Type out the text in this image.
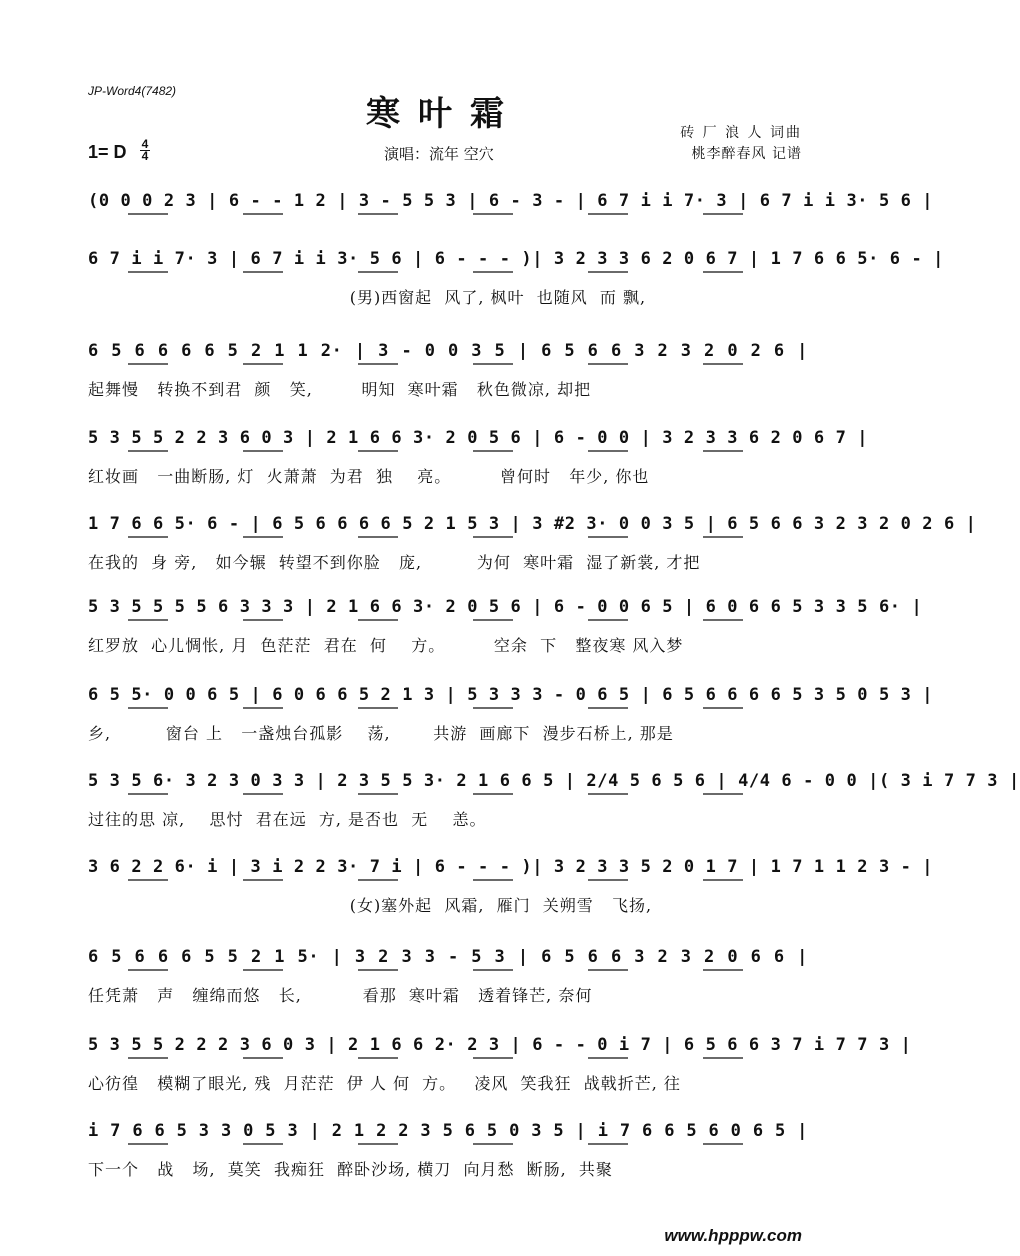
JP-Word4(7482)
寒叶霜	砖 厂 浪 人 词曲
桃李醉春风 记谱
演唱：流年 空穴
1= D 4
4
(0 0 0 2 3 | 6 - - 1 2 | 3 - 5 5 3 | 6 - 3 - | 6 7 i i 7· 3 | 6 7 i i 3· 5 6 |
6 7 i i 7· 3 | 6 7 i i 3· 5 6 | 6 - - - )| 3 2 3 3 6 2 0 6 7 | 1 7 6 6 5· 6 - |
(男)西窗起  风了, 枫叶  也随风  而 飘,
6 5 6 6 6 6 5 2 1 1 2· | 3 - 0 0 3 5 | 6 5 6 6 3 2 3 2 0 2 6 |
起舞慢   转换不到君  颜   笑,        明知  寒叶霜   秋色微凉, 却把
5 3 5 5 2 2 3 6 0 3 | 2 1 6 6 3· 2 0 5 6 | 6 - 0 0 | 3 2 3 3 6 2 0 6 7 |
红妆画   一曲断肠, 灯  火萧萧  为君  独    亮。        曾何时   年少, 你也
1 7 6 6 5· 6 - | 6 5 6 6 6 6 5 2 1 5 3 | 3 #2 3· 0 0 3 5 | 6 5 6 6 3 2 3 2 0 2 6 |
在我的  身 旁,   如今辗  转望不到你脸   庞,         为何  寒叶霜  湿了新裳, 才把
5 3 5 5 5 5 6 3 3 3 | 2 1 6 6 3· 2 0 5 6 | 6 - 0 0 6 5 | 6 0 6 6 5 3 3 5 6· |
红罗放  心儿惆怅, 月  色茫茫  君在  何    方。        空余  下   整夜寒 风入梦
6 5 5· 0 0 6 5 | 6 0 6 6 5 2 1 3 | 5 3 3 3 - 0 6 5 | 6 5 6 6 6 6 5 3 5 0 5 3 |
乡,         窗台 上   一盏烛台孤影    荡,       共游  画廊下  漫步石桥上, 那是
5 3 5 6· 3 2 3 0 3 3 | 2 3 5 5 3· 2 1 6 6 5 | 2/4 5 6 5 6 | 4/4 6 - 0 0 |( 3 i 7 7 3 |
过往的思 凉,    思忖  君在远  方, 是否也  无    恙。
3 6 2 2 6· i | 3 i 2 2 3· 7 i | 6 - - - )| 3 2 3 3 5 2 0 1 7 | 1 7 1 1 2 3 - |
(女)塞外起  风霜,  雁门  关朔雪   飞扬,
6 5 6 6 6 5 5 2 1 5· | 3 2 3 3 - 5 3 | 6 5 6 6 3 2 3 2 0 6 6 |
任凭萧   声   缠绵而悠   长,          看那  寒叶霜   透着锋芒, 奈何
5 3 5 5 2 2 2 3 6 0 3 | 2 1 6 6 2· 2 3 | 6 - - 0 i 7 | 6 5 6 6 3 7 i 7 7 3 |
心彷徨   模糊了眼光, 残  月茫茫  伊 人 何  方。   凌风  笑我狂  战戟折芒, 往
i 7 6 6 5 3 3 0 5 3 | 2 1 2 2 3 5 6 5 0 3 5 | i 7 6 6 5 6 0 6 5 |
下一个   战   场,  莫笑  我痴狂  醉卧沙场, 横刀  向月愁  断肠,  共聚
www.hpppw.com
